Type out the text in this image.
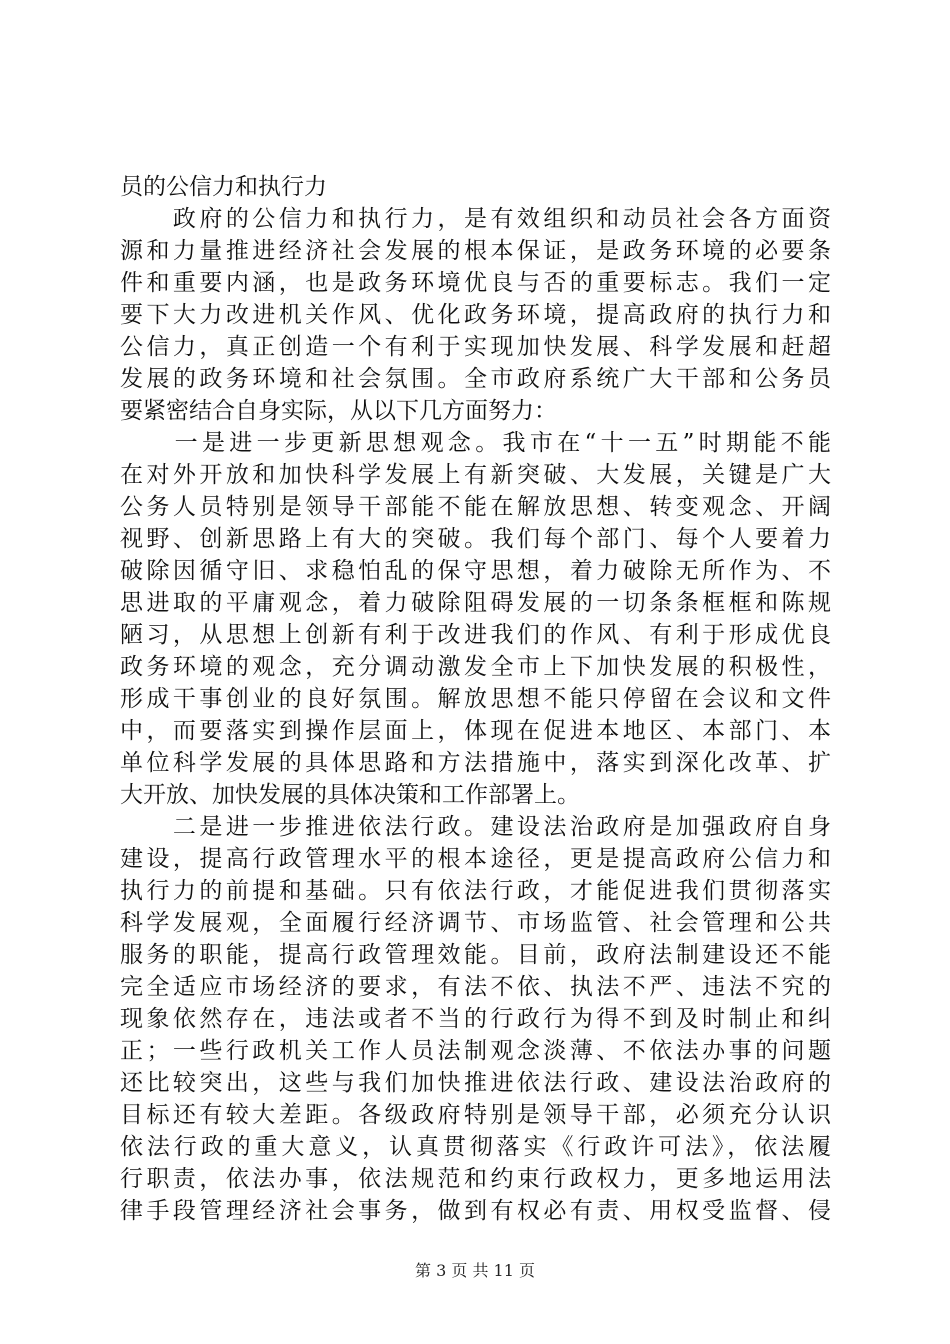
员的公信力和执行力
　　政府的公信力和执行力，是有效组织和动员社会各方面资
源和力量推进经济社会发展的根本保证，是政务环境的必要条
件和重要内涵，也是政务环境优良与否的重要标志。我们一定
要下大力改进机关作风、优化政务环境，提高政府的执行力和
公信力，真正创造一个有利于实现加快发展、科学发展和赶超
发展的政务环境和社会氛围。全市政府系统广大干部和公务员
要紧密结合自身实际，从以下几方面努力：
　　一是进一步更新思想观念。我市在“十一五”时期能不能
在对外开放和加快科学发展上有新突破、大发展，关键是广大
公务人员特别是领导干部能不能在解放思想、转变观念、开阔
视野、创新思路上有大的突破。我们每个部门、每个人要着力
破除因循守旧、求稳怕乱的保守思想，着力破除无所作为、不
思进取的平庸观念，着力破除阻碍发展的一切条条框框和陈规
陋习，从思想上创新有利于改进我们的作风、有利于形成优良
政务环境的观念，充分调动激发全市上下加快发展的积极性，
形成干事创业的良好氛围。解放思想不能只停留在会议和文件
中，而要落实到操作层面上，体现在促进本地区、本部门、本
单位科学发展的具体思路和方法措施中，落实到深化改革、扩
大开放、加快发展的具体决策和工作部署上。
　　二是进一步推进依法行政。建设法治政府是加强政府自身
建设，提高行政管理水平的根本途径，更是提高政府公信力和
执行力的前提和基础。只有依法行政，才能促进我们贯彻落实
科学发展观，全面履行经济调节、市场监管、社会管理和公共
服务的职能，提高行政管理效能。目前，政府法制建设还不能
完全适应市场经济的要求，有法不依、执法不严、违法不究的
现象依然存在，违法或者不当的行政行为得不到及时制止和纠
正；一些行政机关工作人员法制观念淡薄、不依法办事的问题
还比较突出，这些与我们加快推进依法行政、建设法治政府的
目标还有较大差距。各级政府特别是领导干部，必须充分认识
依法行政的重大意义，认真贯彻落实《行政许可法》，依法履
行职责，依法办事，依法规范和约束行政权力，更多地运用法
律手段管理经济社会事务，做到有权必有责、用权受监督、侵
第 3 页 共 11 页
